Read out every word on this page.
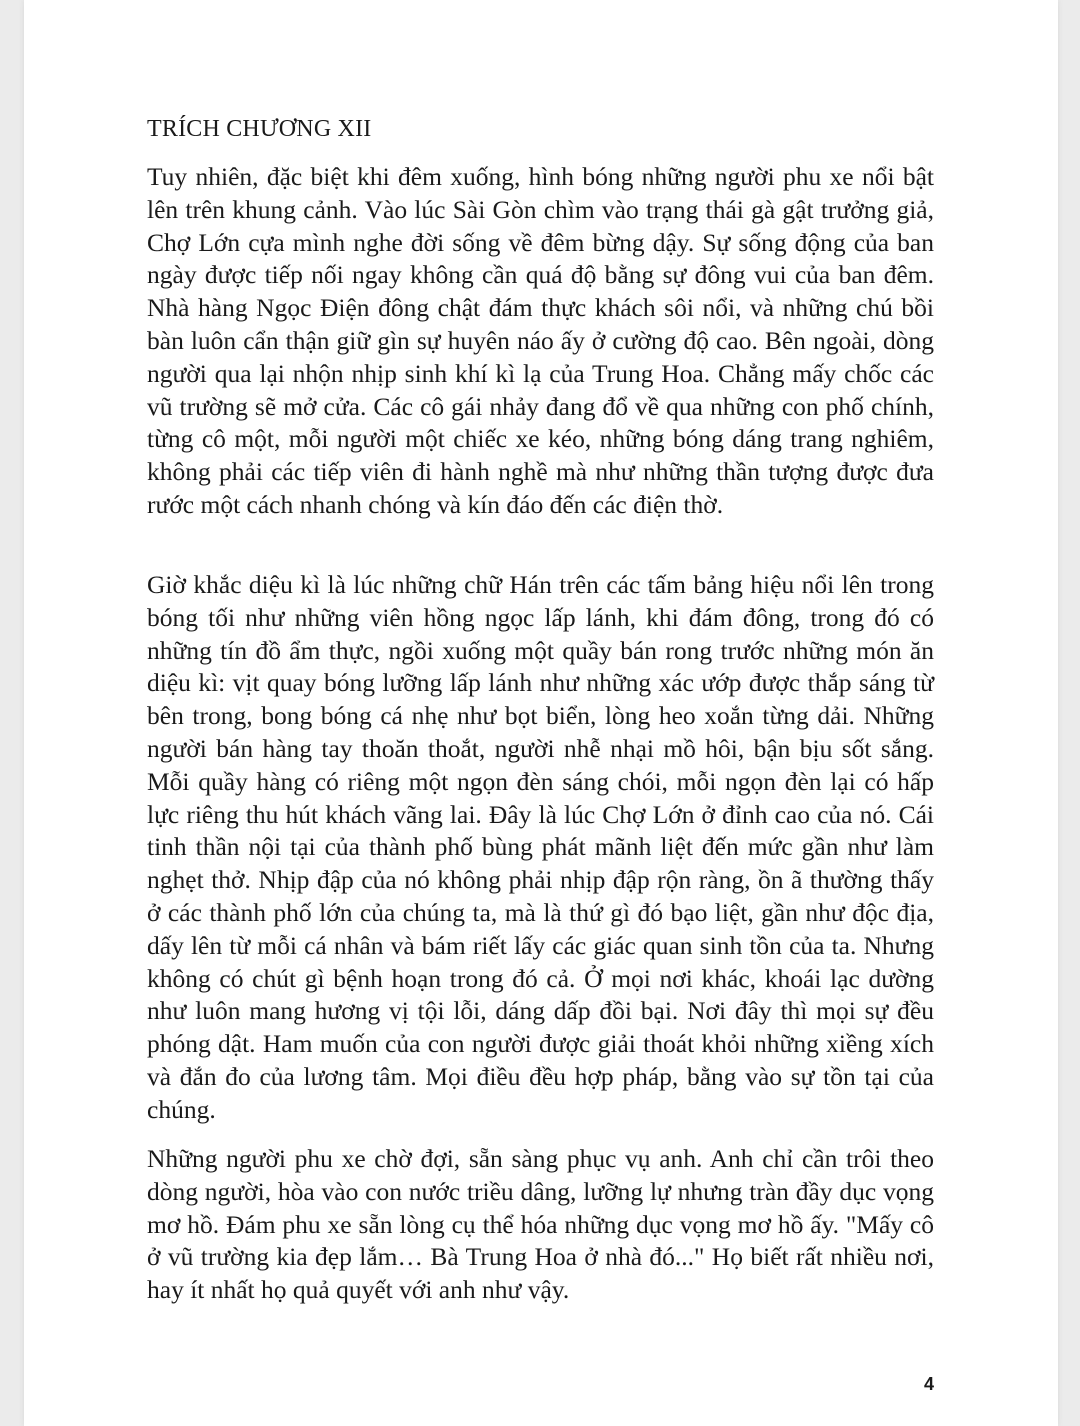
TRÍCH CHƯƠNG XII

Tuy nhiên, đặc biệt khi đêm xuống, hình bóng những người phu xe nổi bật lên trên khung cảnh. Vào lúc Sài Gòn chìm vào trạng thái gà gật trưởng giả, Chợ Lớn cựa mình nghe đời sống về đêm bừng dậy. Sự sống động của ban ngày được tiếp nối ngay không cần quá độ bằng sự đông vui của ban đêm. Nhà hàng Ngọc Điện đông chật đám thực khách sôi nổi, và những chú bồi bàn luôn cẩn thận giữ gìn sự huyên náo ấy ở cường độ cao. Bên ngoài, dòng người qua lại nhộn nhịp sinh khí kì lạ của Trung Hoa. Chẳng mấy chốc các vũ trường sẽ mở cửa. Các cô gái nhảy đang đổ về qua những con phố chính, từng cô một, mỗi người một chiếc xe kéo, những bóng dáng trang nghiêm, không phải các tiếp viên đi hành nghề mà như những thần tượng được đưa rước một cách nhanh chóng và kín đáo đến các điện thờ.

Giờ khắc diệu kì là lúc những chữ Hán trên các tấm bảng hiệu nổi lên trong bóng tối như những viên hồng ngọc lấp lánh, khi đám đông, trong đó có những tín đồ ẩm thực, ngồi xuống một quầy bán rong trước những món ăn diệu kì: vịt quay bóng lưỡng lấp lánh như những xác ướp được thắp sáng từ bên trong, bong bóng cá nhẹ như bọt biển, lòng heo xoắn từng dải. Những người bán hàng tay thoăn thoắt, người nhễ nhại mồ hôi, bận bịu sốt sắng. Mỗi quầy hàng có riêng một ngọn đèn sáng chói, mỗi ngọn đèn lại có hấp lực riêng thu hút khách vãng lai. Đây là lúc Chợ Lớn ở đỉnh cao của nó. Cái tinh thần nội tại của thành phố bùng phát mãnh liệt đến mức gần như làm nghẹt thở. Nhịp đập của nó không phải nhịp đập rộn ràng, ồn ã thường thấy ở các thành phố lớn của chúng ta, mà là thứ gì đó bạo liệt, gần như độc địa, dấy lên từ mỗi cá nhân và bám riết lấy các giác quan sinh tồn của ta. Nhưng không có chút gì bệnh hoạn trong đó cả. Ở mọi nơi khác, khoái lạc dường như luôn mang hương vị tội lỗi, dáng dấp đồi bại. Nơi đây thì mọi sự đều phóng dật. Ham muốn của con người được giải thoát khỏi những xiềng xích và đắn đo của lương tâm. Mọi điều đều hợp pháp, bằng vào sự tồn tại của chúng.

Những người phu xe chờ đợi, sẵn sàng phục vụ anh. Anh chỉ cần trôi theo dòng người, hòa vào con nước triều dâng, lưỡng lự nhưng tràn đầy dục vọng mơ hồ. Đám phu xe sẵn lòng cụ thể hóa những dục vọng mơ hồ ấy. "Mấy cô ở vũ trường kia đẹp lắm… Bà Trung Hoa ở nhà đó..." Họ biết rất nhiều nơi, hay ít nhất họ quả quyết với anh như vậy.

4
